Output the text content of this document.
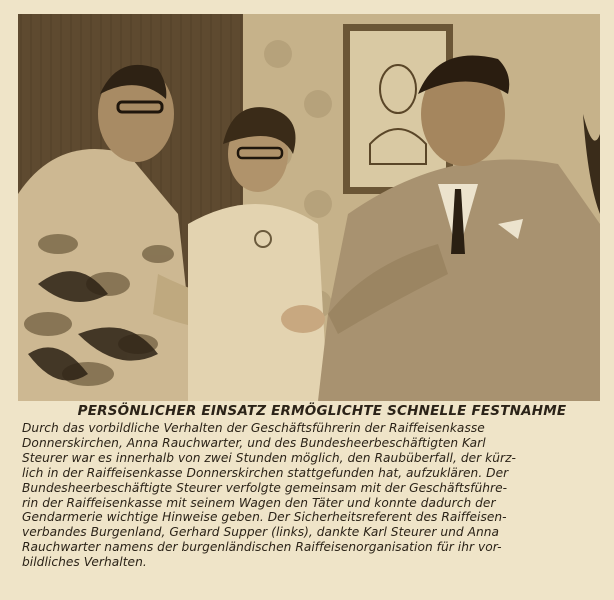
PERSÖNLICHER EINSATZ ERMÖGLICHTE SCHNELLE FESTNAHME
Durch das vorbildliche Verhalten der Geschäftsführerin der Raiffeisenkasse
Donnerskirchen, Anna Rauchwarter, und des Bundesheerbeschäftigten Karl
Steurer war es innerhalb von zwei Stunden möglich, den Raubüberfall, der kürz-
lich in der Raiffeisenkasse Donnerskirchen stattgefunden hat, aufzuklären. Der
Bundesheerbeschäftigte Steurer verfolgte gemeinsam mit der Geschäftsführe-
rin der Raiffeisenkasse mit seinem Wagen den Täter und konnte dadurch der
Gendarmerie wichtige Hinweise geben. Der Sicherheitsreferent des Raiffeisen-
verbandes Burgenland, Gerhard Supper (links), dankte Karl Steurer und Anna
Rauchwarter namens der burgenländischen Raiffeisenorganisation für ihr vor-
bildliches Verhalten.
